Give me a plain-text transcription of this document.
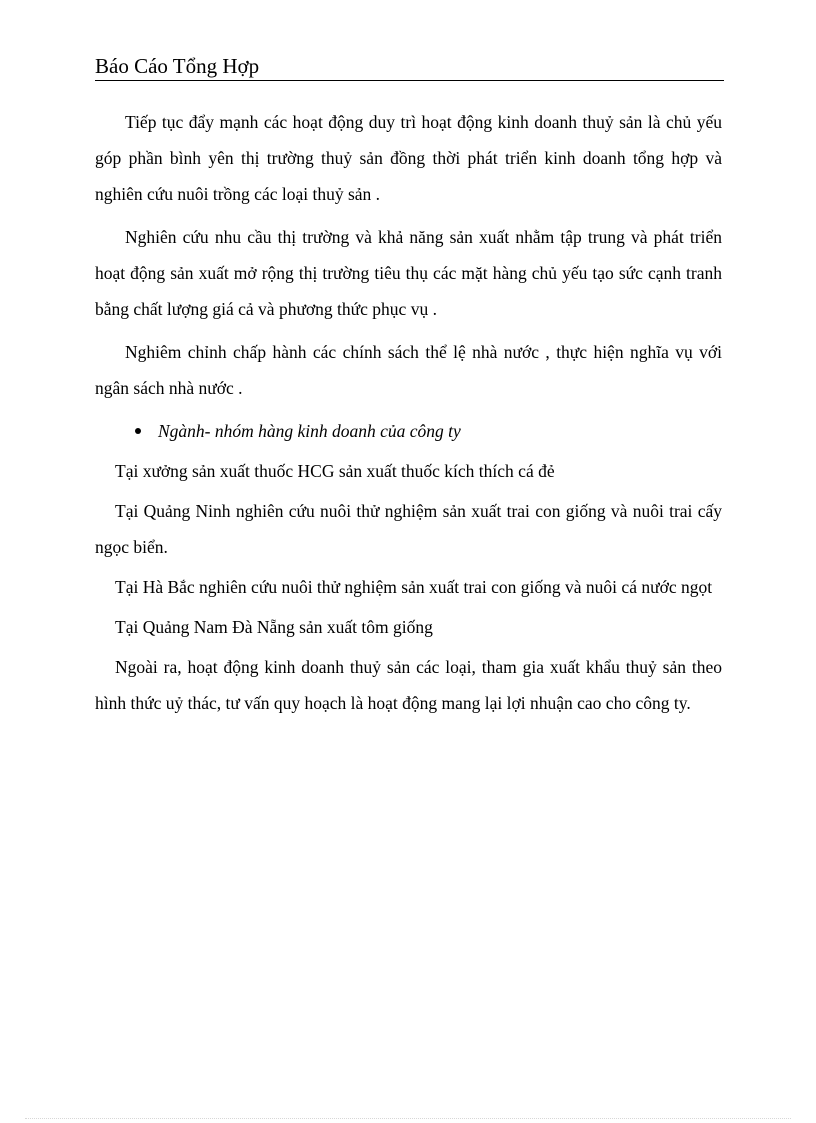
Báo Cáo Tổng Hợp

Tiếp tục đẩy mạnh các hoạt động duy trì hoạt động kinh doanh thuỷ sản là chủ yếu góp phần bình yên thị trường thuỷ sản đồng thời phát triển kinh doanh tổng hợp và nghiên cứu nuôi trồng các loại thuỷ sản .

Nghiên cứu nhu cầu thị trường và khả năng sản xuất nhằm tập trung và phát triển hoạt động sản xuất mở rộng thị trường tiêu thụ các mặt hàng chủ yếu tạo sức cạnh tranh bằng chất lượng giá cả và phương thức phục vụ .

Nghiêm chỉnh chấp hành các chính sách thể lệ nhà nước , thực hiện nghĩa vụ với ngân sách nhà nước .

Ngành- nhóm hàng kinh doanh của công ty

Tại xưởng sản xuất thuốc HCG sản xuất thuốc kích thích cá đẻ

Tại Quảng Ninh nghiên cứu nuôi thử nghiệm sản xuất trai con giống và nuôi trai cấy ngọc biển.

Tại Hà Bắc nghiên cứu nuôi thử nghiệm sản xuất trai con giống và nuôi cá nước ngọt

Tại Quảng Nam Đà Nẵng sản xuất tôm giống

Ngoài ra, hoạt động kinh doanh thuỷ sản các loại, tham gia xuất khẩu thuỷ sản theo hình thức uỷ thác, tư vấn quy hoạch là hoạt động mang lại lợi nhuận cao cho công ty.
